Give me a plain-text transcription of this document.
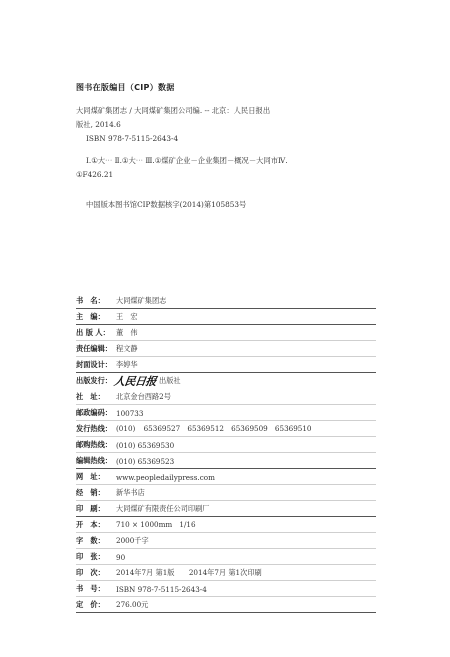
图书在版编目（CIP）数据
大同煤矿集团志 / 大同煤矿集团公司编. -- 北京：人民日报出
版社, 2014.6
ISBN 978-7-5115-2643-4
Ⅰ.①大⋯ Ⅱ.①大⋯ Ⅲ.①煤矿企业－企业集团－概况－大同市Ⅳ.
①F426.21
中国版本图书馆CIP数据核字(2014)第105853号
书　名：	大同煤矿集团志
主　编：	王　宏
出 版 人： 董　伟
责任编辑： 程文静
封面设计： 李婷华
出版发行： 人民日报 出版社
社　址：	北京金台西路2号
邮政编码： 100733
发行热线： (010) 65369527　65369512　65369509　65369510
邮购热线： (010) 65369530
编辑热线： (010) 65369523
网　址：	www.peopledailypress.com
经　销：	新华书店
印　刷：	大同煤矿有限责任公司印刷厂
开　本：	710 × 1000mm　1/16
字　数：	2000千字
印　张：	90
印　次：	2014年7月 第1版　　2014年7月 第1次印刷
书　号：	ISBN 978-7-5115-2643-4
定　价：	276.00元
